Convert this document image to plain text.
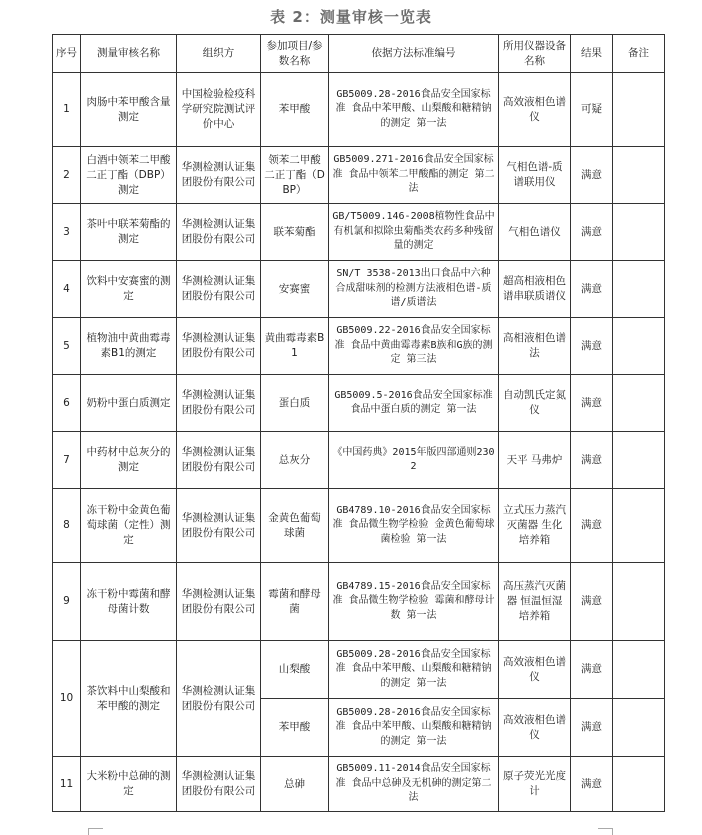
表 2：测量审核一览表
序号	测量审核名称	组织方	参加项目/参数名称	依据方法标准编号	所用仪器设备名称	结果	备注
1	肉肠中苯甲酸含量测定	中国检验检疫科学研究院测试评价中心	苯甲酸	GB5009.28-2016食品安全国家标准 食品中苯甲酸、山梨酸和糖精钠的测定 第一法	高效液相色谱仪	可疑	
2	白酒中领苯二甲酸二正丁酯（DBP）测定	华测检测认证集团股份有限公司	领苯二甲酸二正丁酯（DBP）	GB5009.271-2016食品安全国家标准 食品中领苯二甲酸酯的测定 第二法	气相色谱-质谱联用仪	满意	
3	茶叶中联苯菊酯的测定	华测检测认证集团股份有限公司	联苯菊酯	GB/T5009.146-2008植物性食品中有机氯和拟除虫菊酯类农药多种残留量的测定	气相色谱仪	满意	
4	饮料中安赛蜜的测定	华测检测认证集团股份有限公司	安赛蜜	SN/T 3538-2013出口食品中六种合成甜味剂的检测方法液相色谱-质谱/质谱法	超高相液相色谱串联质谱仪	满意	
5	植物油中黄曲霉毒素B1的测定	华测检测认证集团股份有限公司	黄曲霉毒素B1	GB5009.22-2016食品安全国家标准 食品中黄曲霉毒素B族和G族的测定 第三法	高相液相色谱法	满意	
6	奶粉中蛋白质测定	华测检测认证集团股份有限公司	蛋白质	GB5009.5-2016食品安全国家标准 食品中蛋白质的测定 第一法	自动凯氏定氮仪	满意	
7	中药材中总灰分的测定	华测检测认证集团股份有限公司	总灰分	《中国药典》2015年版四部通则2302	天平 马弗炉	满意	
8	冻干粉中金黄色葡萄球菌（定性）测定	华测检测认证集团股份有限公司	金黄色葡萄球菌	GB4789.10-2016食品安全国家标准 食品微生物学检验 金黄色葡萄球菌检验 第一法	立式压力蒸汽灭菌器 生化培养箱	满意	
9	冻干粉中霉菌和酵母菌计数	华测检测认证集团股份有限公司	霉菌和酵母菌	GB4789.15-2016食品安全国家标准 食品微生物学检验 霉菌和酵母计数 第一法	高压蒸汽灭菌器 恒温恒湿培养箱	满意	
10	茶饮料中山梨酸和苯甲酸的测定	华测检测认证集团股份有限公司	山梨酸	GB5009.28-2016食品安全国家标准 食品中苯甲酸、山梨酸和糖精钠的测定 第一法	高效液相色谱仪	满意	
			苯甲酸	GB5009.28-2016食品安全国家标准 食品中苯甲酸、山梨酸和糖精钠的测定 第一法	高效液相色谱仪	满意	
11	大米粉中总砷的测定	华测检测认证集团股份有限公司	总砷	GB5009.11-2014食品安全国家标准 食品中总砷及无机砷的测定第二法	原子荧光光度计	满意	
